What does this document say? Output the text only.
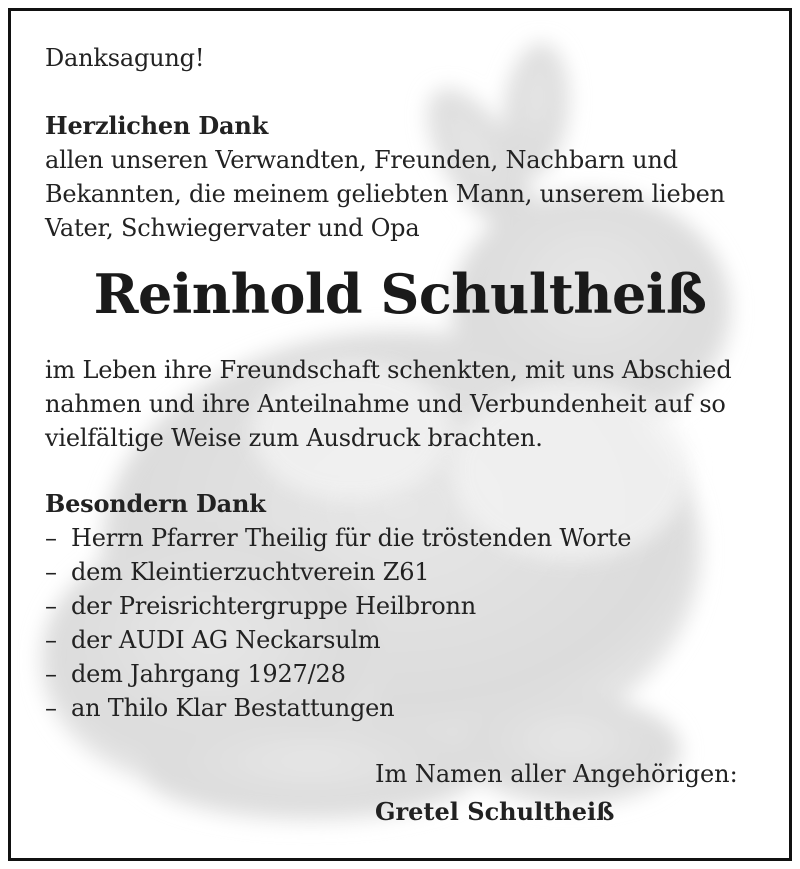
Danksagung!
Herzlichen Dank
allen unseren Verwandten, Freunden, Nachbarn und
Bekannten, die meinem geliebten Mann, unserem lieben
Vater, Schwiegervater und Opa
Reinhold Schultheiß
im Leben ihre Freundschaft schenkten, mit uns Abschied
nahmen und ihre Anteilnahme und Verbundenheit auf so
vielfältige Weise zum Ausdruck brachten.
Besondern Dank
– Herrn Pfarrer Theilig für die tröstenden Worte
– dem Kleintierzuchtverein Z61
– der Preisrichtergruppe Heilbronn
– der AUDI AG Neckarsulm
– dem Jahrgang 1927/28
– an Thilo Klar Bestattungen
Im Namen aller Angehörigen:
Gretel Schultheiß
